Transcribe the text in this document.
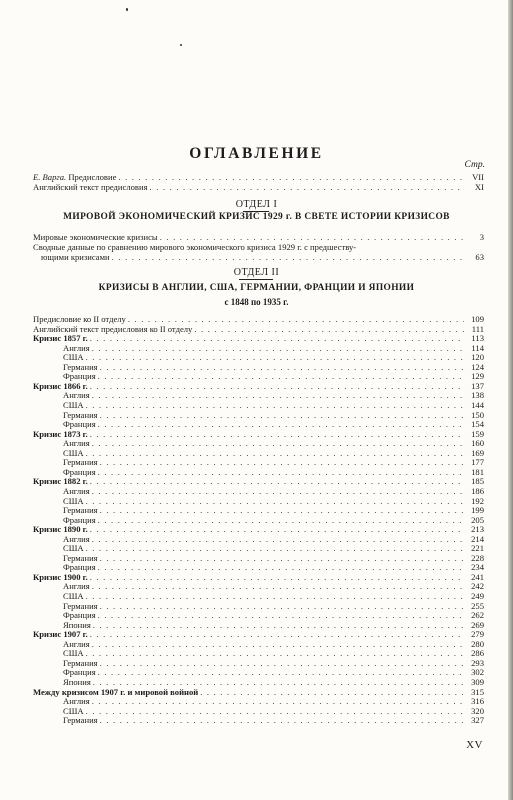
ОГЛАВЛЕНИЕ
Стр.
Е. Варга. Предисловие . . .	VII
Английский текст предисловия . . .	XI
ОТДЕЛ I
МИРОВОЙ ЭКОНОМИЧЕСКИЙ КРИЗИС 1929 г. В СВЕТЕ ИСТОРИИ КРИЗИСОВ
Мировые экономические кризисы . . .	3
Сводные данные по сравнению мирового экономического кризиса 1929 г. с предшеству-
ющими кризисами . . .	63
ОТДЕЛ II
КРИЗИСЫ В АНГЛИИ, США, ГЕРМАНИИ, ФРАНЦИИ И ЯПОНИИ
с 1848 по 1935 г.
Предисловие ко II отделу . . .	109
Английский текст предисловия ко II отделу . . .	111
Кризис 1857 г. . . .	113
Англия . . .	114
США . . .	120
Германия . . .	124
Франция . . .	129
Кризис 1866 г. . . .	137
Англия . . .	138
США . . .	144
Германия . . .	150
Франция . . .	154
Кризис 1873 г. . . .	159
Англия . . .	160
США . . .	169
Германия . . .	177
Франция . . .	181
Кризис 1882 г. . . .	185
Англия . . .	186
США . . .	192
Германия . . .	199
Франция . . .	205
Кризис 1890 г. . . .	213
Англия . . .	214
США . . .	221
Германия . . .	228
Франция . . .	234
Кризис 1900 г. . . .	241
Англия . . .	242
США . . .	249
Германия . . .	255
Франция . . .	262
Япония . . .	269
Кризис 1907 г. . . .	279
Англия . . .	280
США . . .	286
Германия . . .	293
Франция . . .	302
Япония . . .	309
Между кризисом 1907 г. и мировой войной . . .	315
Англия . . .	316
США . . .	320
Германия . . .	327
XV
